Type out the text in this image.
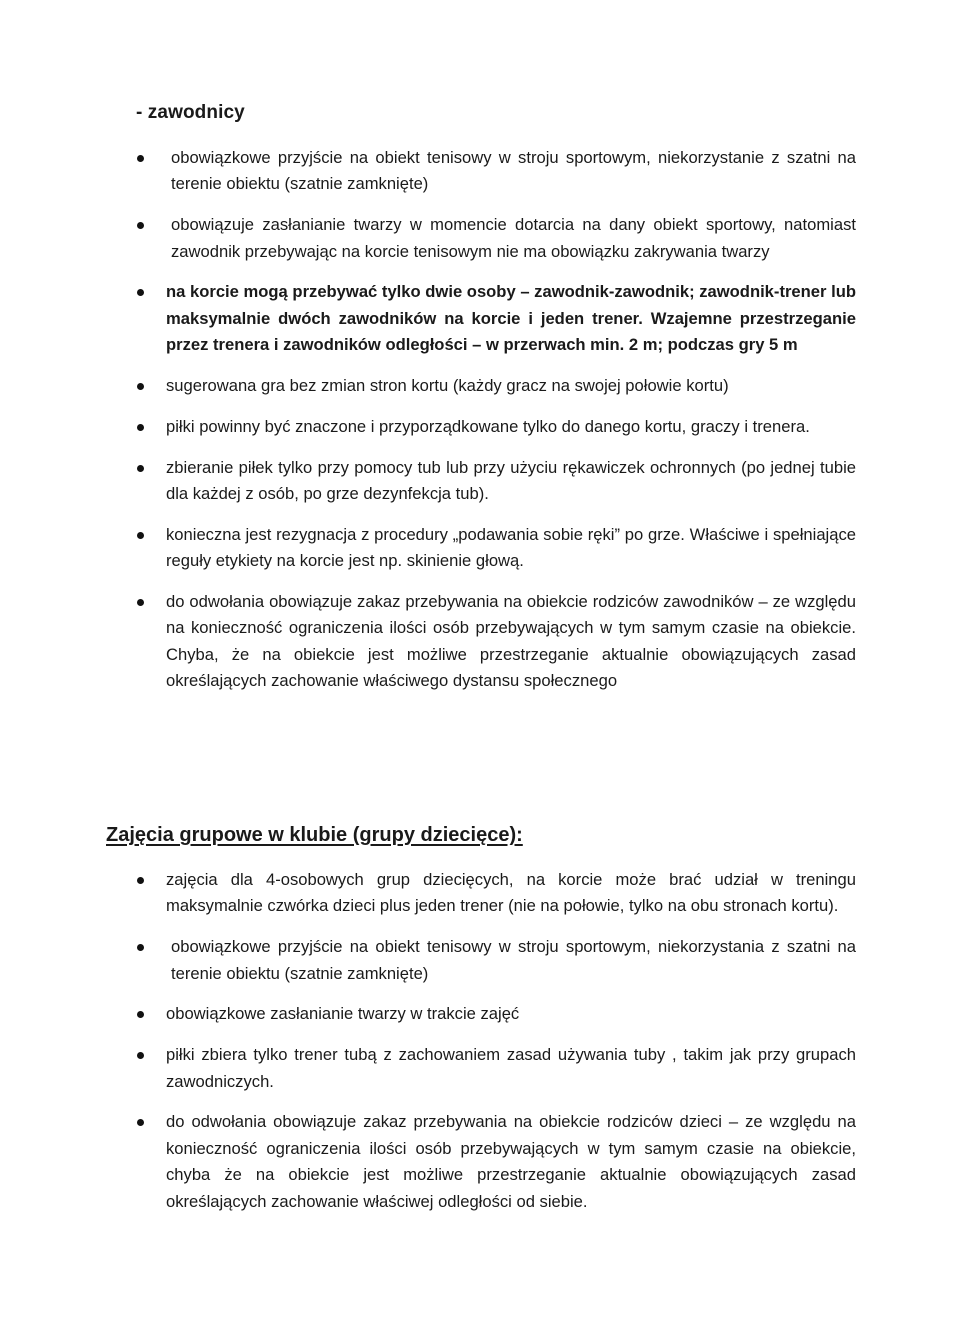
- zawodnicy
obowiązkowe przyjście na obiekt tenisowy w stroju sportowym, niekorzystanie z szatni na terenie obiektu (szatnie zamknięte)
obowiązuje zasłanianie twarzy w momencie dotarcia na dany obiekt sportowy, natomiast zawodnik przebywając na korcie tenisowym nie ma obowiązku zakrywania twarzy
na korcie mogą przebywać tylko dwie osoby – zawodnik-zawodnik; zawodnik-trener lub maksymalnie dwóch zawodników na korcie i jeden trener. Wzajemne przestrzeganie przez trenera i zawodników odległości – w przerwach min. 2 m; podczas gry 5 m
sugerowana gra bez zmian stron kortu (każdy gracz na swojej połowie kortu)
piłki powinny być znaczone i przyporządkowane tylko do danego kortu, graczy i trenera.
zbieranie piłek tylko przy pomocy tub lub przy użyciu rękawiczek ochronnych (po jednej tubie dla każdej z osób, po grze dezynfekcja tub).
konieczna jest rezygnacja z procedury „podawania sobie ręki” po grze. Właściwe i spełniające reguły etykiety na korcie jest np. skinienie głową.
do odwołania obowiązuje zakaz przebywania na obiekcie rodziców zawodników – ze względu na konieczność ograniczenia ilości osób przebywających w tym samym czasie na obiekcie. Chyba, że na obiekcie jest możliwe przestrzeganie aktualnie obowiązujących zasad określających zachowanie właściwego dystansu społecznego
Zajęcia grupowe w klubie (grupy dziecięce):
zajęcia dla 4-osobowych grup dziecięcych, na korcie może brać udział w treningu maksymalnie czwórka dzieci plus jeden trener (nie na połowie, tylko na obu stronach kortu).
obowiązkowe przyjście na obiekt tenisowy w stroju sportowym, niekorzystania z szatni na terenie obiektu (szatnie zamknięte)
obowiązkowe zasłanianie twarzy w trakcie zajęć
piłki zbiera tylko trener tubą z zachowaniem zasad używania tuby , takim jak przy grupach zawodniczych.
do odwołania obowiązuje zakaz przebywania na obiekcie rodziców dzieci – ze względu na konieczność ograniczenia ilości osób przebywających w tym samym czasie na obiekcie, chyba że na obiekcie jest możliwe przestrzeganie aktualnie obowiązujących zasad określających zachowanie właściwej odległości od siebie.
